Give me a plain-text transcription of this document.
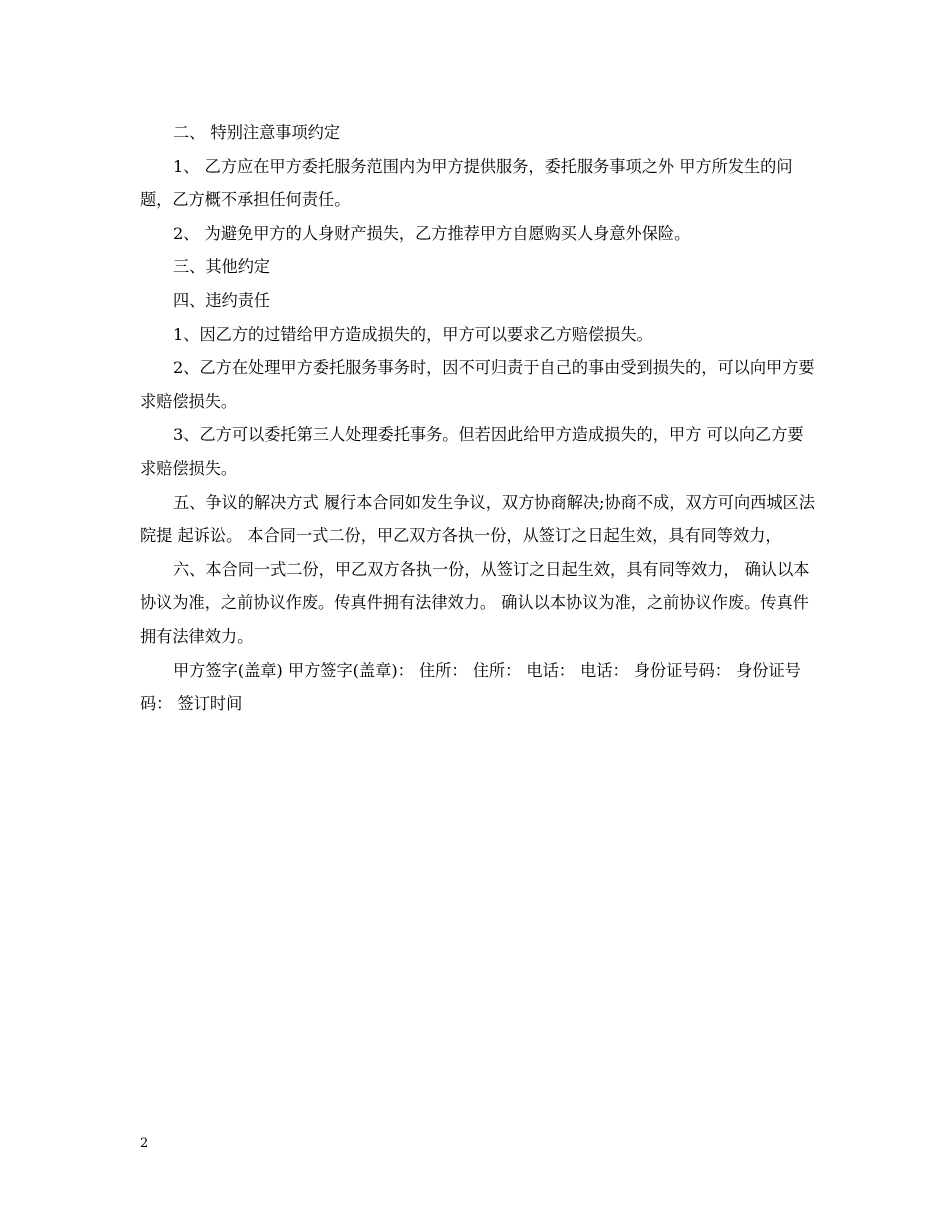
二、 特别注意事项约定

1、 乙方应在甲方委托服务范围内为甲方提供服务，委托服务事项之外 甲方所发生的问题，乙方概不承担任何责任。

2、 为避免甲方的人身财产损失，乙方推荐甲方自愿购买人身意外保险。

三、其他约定

四、违约责任

1、因乙方的过错给甲方造成损失的，甲方可以要求乙方赔偿损失。

2、乙方在处理甲方委托服务事务时，因不可归责于自己的事由受到损失的，可以向甲方要求赔偿损失。

3、乙方可以委托第三人处理委托事务。但若因此给甲方造成损失的，甲方 可以向乙方要求赔偿损失。

五、争议的解决方式 履行本合同如发生争议，双方协商解决;协商不成，双方可向西城区法院提 起诉讼。 本合同一式二份，甲乙双方各执一份，从签订之日起生效，具有同等效力，

六、本合同一式二份，甲乙双方各执一份，从签订之日起生效，具有同等效力， 确认以本协议为准，之前协议作废。传真件拥有法律效力。 确认以本协议为准，之前协议作废。传真件拥有法律效力。

甲方签字(盖章) 甲方签字(盖章)： 住所： 住所： 电话： 电话： 身份证号码： 身份证号码： 签订时间

2
